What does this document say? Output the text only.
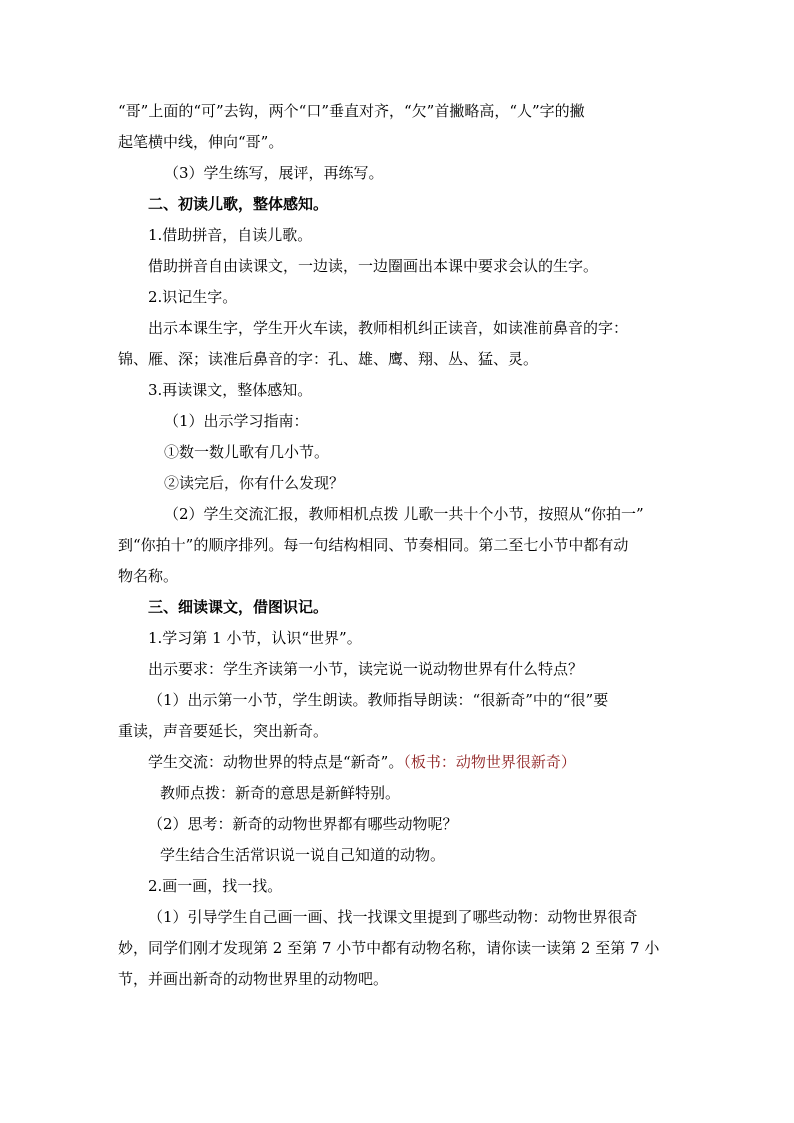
“哥”上面的“可”去钩，两个“口”垂直对齐，“欠”首撇略高，“人”字的撇
起笔横中线，伸向“哥”。
（3）学生练写，展评，再练写。
二、初读儿歌，整体感知。
1.借助拼音，自读儿歌。
借助拼音自由读课文，一边读，一边圈画出本课中要求会认的生字。
2.识记生字。
出示本课生字，学生开火车读，教师相机纠正读音，如读准前鼻音的字：
锦、雁、深；读准后鼻音的字：孔、雄、鹰、翔、丛、猛、灵。
3.再读课文，整体感知。
（1）出示学习指南：
①数一数儿歌有几小节。
②读完后，你有什么发现？
（2）学生交流汇报，教师相机点拨 儿歌一共十个小节，按照从“你拍一”
到“你拍十”的顺序排列。每一句结构相同、节奏相同。第二至七小节中都有动
物名称。
三、细读课文，借图识记。
1.学习第 1 小节，认识“世界”。
出示要求：学生齐读第一小节，读完说一说动物世界有什么特点？
（1）出示第一小节，学生朗读。教师指导朗读：“很新奇”中的“很”要
重读，声音要延长，突出新奇。
学生交流：动物世界的特点是“新奇”。（板书：动物世界很新奇）
教师点拨：新奇的意思是新鲜特别。
（2）思考：新奇的动物世界都有哪些动物呢？
学生结合生活常识说一说自己知道的动物。
2.画一画，找一找。
（1）引导学生自己画一画、找一找课文里提到了哪些动物：动物世界很奇
妙，同学们刚才发现第 2 至第 7 小节中都有动物名称，请你读一读第 2 至第 7 小
节，并画出新奇的动物世界里的动物吧。
